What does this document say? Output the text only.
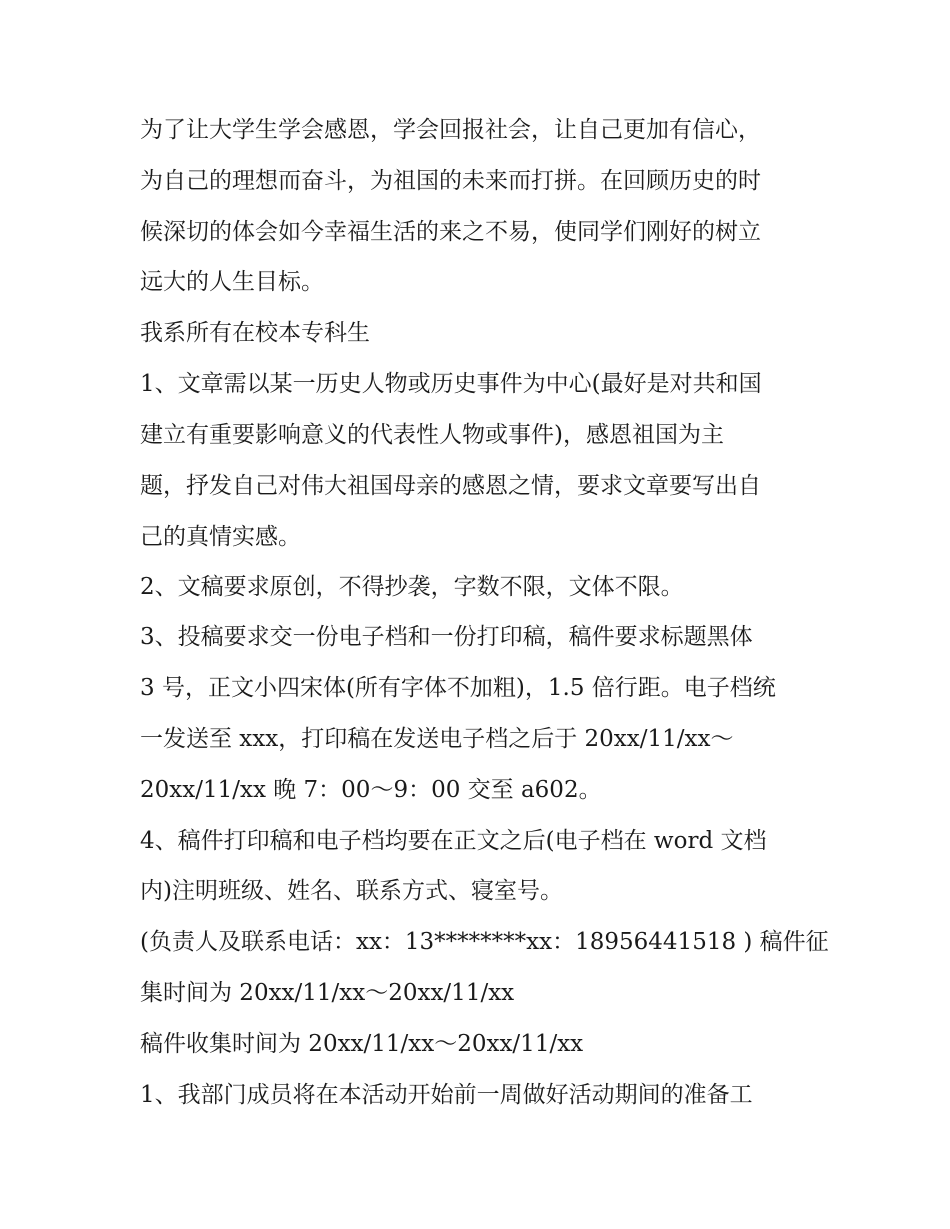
为了让大学生学会感恩，学会回报社会，让自己更加有信心，
为自己的理想而奋斗，为祖国的未来而打拼。在回顾历史的时
候深切的体会如今幸福生活的来之不易，使同学们刚好的树立
远大的人生目标。
我系所有在校本专科生
1、文章需以某一历史人物或历史事件为中心(最好是对共和国
建立有重要影响意义的代表性人物或事件)，感恩祖国为主
题，抒发自己对伟大祖国母亲的感恩之情，要求文章要写出自
己的真情实感。
2、文稿要求原创，不得抄袭，字数不限，文体不限。
3、投稿要求交一份电子档和一份打印稿，稿件要求标题黑体
3 号，正文小四宋体(所有字体不加粗)，1.5 倍行距。电子档统
一发送至 xxx，打印稿在发送电子档之后于 20xx/11/xx～
20xx/11/xx 晚 7：00～9：00 交至 a602。
4、稿件打印稿和电子档均要在正文之后(电子档在 word 文档
内)注明班级、姓名、联系方式、寝室号。
(负责人及联系电话：xx：13********xx：18956441518 ) 稿件征
集时间为 20xx/11/xx～20xx/11/xx
稿件收集时间为 20xx/11/xx～20xx/11/xx
1、我部门成员将在本活动开始前一周做好活动期间的准备工
